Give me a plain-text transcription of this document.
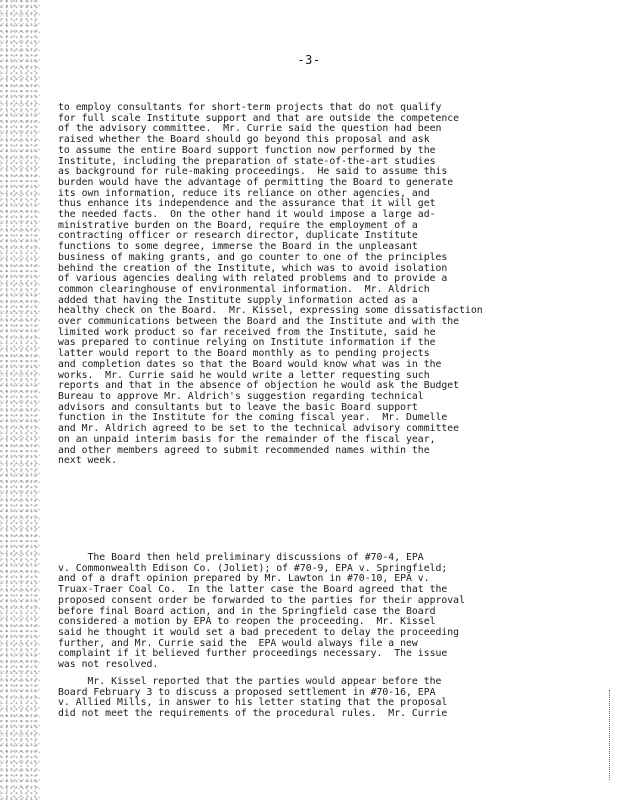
-3-

to employ consultants for short-term projects that do not qualify
for full scale Institute support and that are outside the competence
of the advisory committee.  Mr. Currie said the question had been
raised whether the Board should go beyond this proposal and ask
to assume the entire Board support function now performed by the
Institute, including the preparation of state-of-the-art studies
as background for rule-making proceedings.  He said to assume this
burden would have the advantage of permitting the Board to generate
its own information, reduce its reliance on other agencies, and
thus enhance its independence and the assurance that it will get
the needed facts.  On the other hand it would impose a large ad-
ministrative burden on the Board, require the employment of a
contracting officer or research director, duplicate Institute
functions to some degree, immerse the Board in the unpleasant
business of making grants, and go counter to one of the principles
behind the creation of the Institute, which was to avoid isolation
of various agencies dealing with related problems and to provide a
common clearinghouse of environmental information.  Mr. Aldrich
added that having the Institute supply information acted as a
healthy check on the Board.  Mr. Kissel, expressing some dissatisfaction
over communications between the Board and the Institute and with the
limited work product so far received from the Institute, said he
was prepared to continue relying on Institute information if the
latter would report to the Board monthly as to pending projects
and completion dates so that the Board would know what was in the
works.  Mr. Currie said he would write a letter requesting such
reports and that in the absence of objection he would ask the Budget
Bureau to approve Mr. Aldrich's suggestion regarding technical
advisors and consultants but to leave the basic Board support
function in the Institute for the coming fiscal year.  Mr. Dumelle
and Mr. Aldrich agreed to be set to the technical advisory committee
on an unpaid interim basis for the remainder of the fiscal year,
and other members agreed to submit recommended names within the
next week.

The Board then held preliminary discussions of #70-4, EPA
v. Commonwealth Edison Co. (Joliet); of #70-9, EPA v. Springfield;
and of a draft opinion prepared by Mr. Lawton in #70-10, EPA v.
Truax-Traer Coal Co.  In the latter case the Board agreed that the
proposed consent order be forwarded to the parties for their approval
before final Board action, and in the Springfield case the Board
considered a motion by EPA to reopen the proceeding.  Mr. Kissel
said he thought it would set a bad precedent to delay the proceeding
further, and Mr. Currie said the  EPA would always file a new
complaint if it believed further proceedings necessary.  The issue
was not resolved.

Mr. Kissel reported that the parties would appear before the
Board February 3 to discuss a proposed settlement in #70-16, EPA
v. Allied Mills, in answer to his letter stating that the proposal
did not meet the requirements of the procedural rules.  Mr. Currie
